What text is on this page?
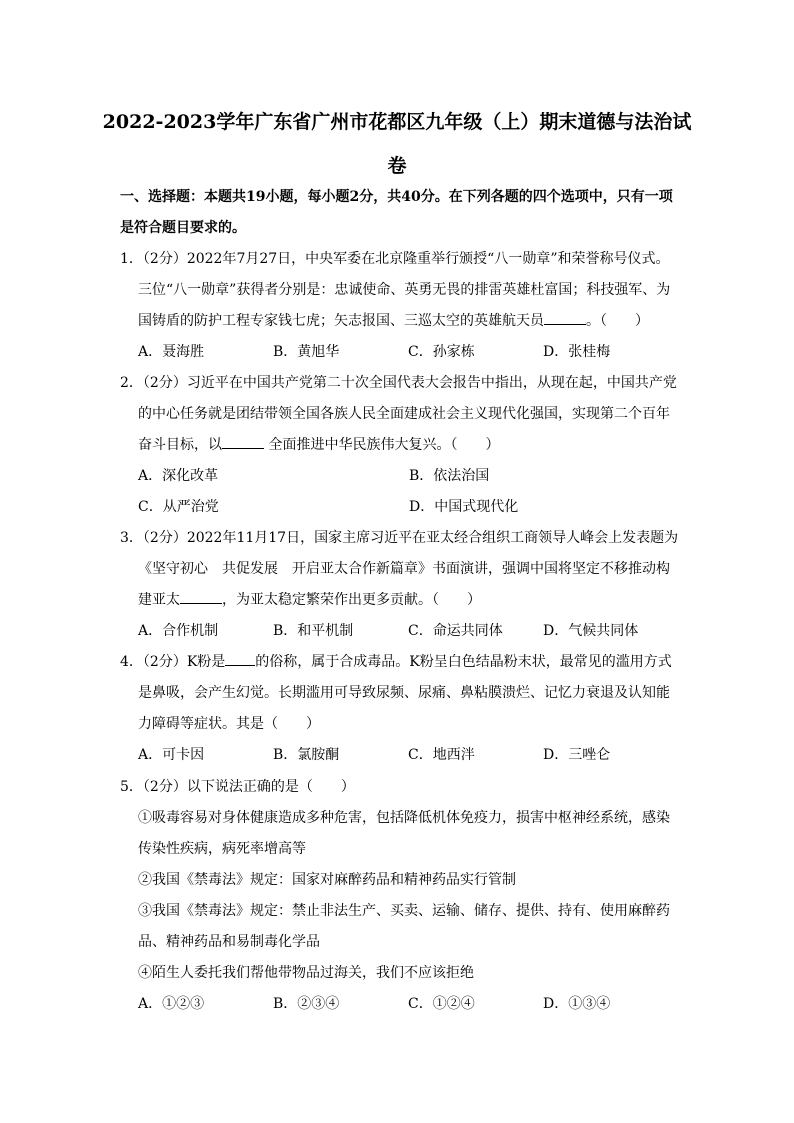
2022-2023学年广东省广州市花都区九年级（上）期末道德与法治试卷
一、选择题：本题共19小题，每小题2分，共40分。在下列各题的四个选项中，只有一项是符合题目要求的。

1．（2分）2022年7月27日，中央军委在北京隆重举行颁授“八一勋章”和荣誉称号仪式。三位“八一勋章”获得者分别是：忠诚使命、英勇无畏的排雷英雄杜富国；科技强军、为国铸盾的防护工程专家钱七虎；矢志报国、三巡太空的英雄航天员	。（　　）

A．聂海胜	B．黄旭华	C．孙家栋	D．张桂梅

2．（2分）习近平在中国共产党第二十次全国代表大会报告中指出，从现在起，中国共产党的中心任务就是团结带领全国各族人民全面建成社会主义现代化强国，实现第二个百年奋斗目标，以	全面推进中华民族伟大复兴。（　　）

A．深化改革	B．依法治国
C．从严治党	D．中国式现代化

3．（2分）2022年11月17日，国家主席习近平在亚太经合组织工商领导人峰会上发表题为《坚守初心　共促发展　开启亚太合作新篇章》书面演讲，强调中国将坚定不移推动构建亚太	，为亚太稳定繁荣作出更多贡献。（　　）

A．合作机制	B．和平机制	C．命运共同体	D．气候共同体

4．（2分）K粉是 的俗称，属于合成毒品。K粉呈白色结晶粉末状，最常见的滥用方式是鼻吸，会产生幻觉。长期滥用可导致尿频、尿痛、鼻粘膜溃烂、记忆力衰退及认知能力障碍等症状。其是（　　）

A．可卡因	B．氯胺酮	C．地西泮	D．三唑仑

5．（2分）以下说法正确的是（　　）

①吸毒容易对身体健康造成多种危害，包括降低机体免疫力，损害中枢神经系统，感染传染性疾病，病死率增高等

②我国《禁毒法》规定：国家对麻醉药品和精神药品实行管制

③我国《禁毒法》规定：禁止非法生产、买卖、运输、储存、提供、持有、使用麻醉药品、精神药品和易制毒化学品

④陌生人委托我们帮他带物品过海关，我们不应该拒绝

A．①②③	B．②③④	C．①②④	D．①③④
